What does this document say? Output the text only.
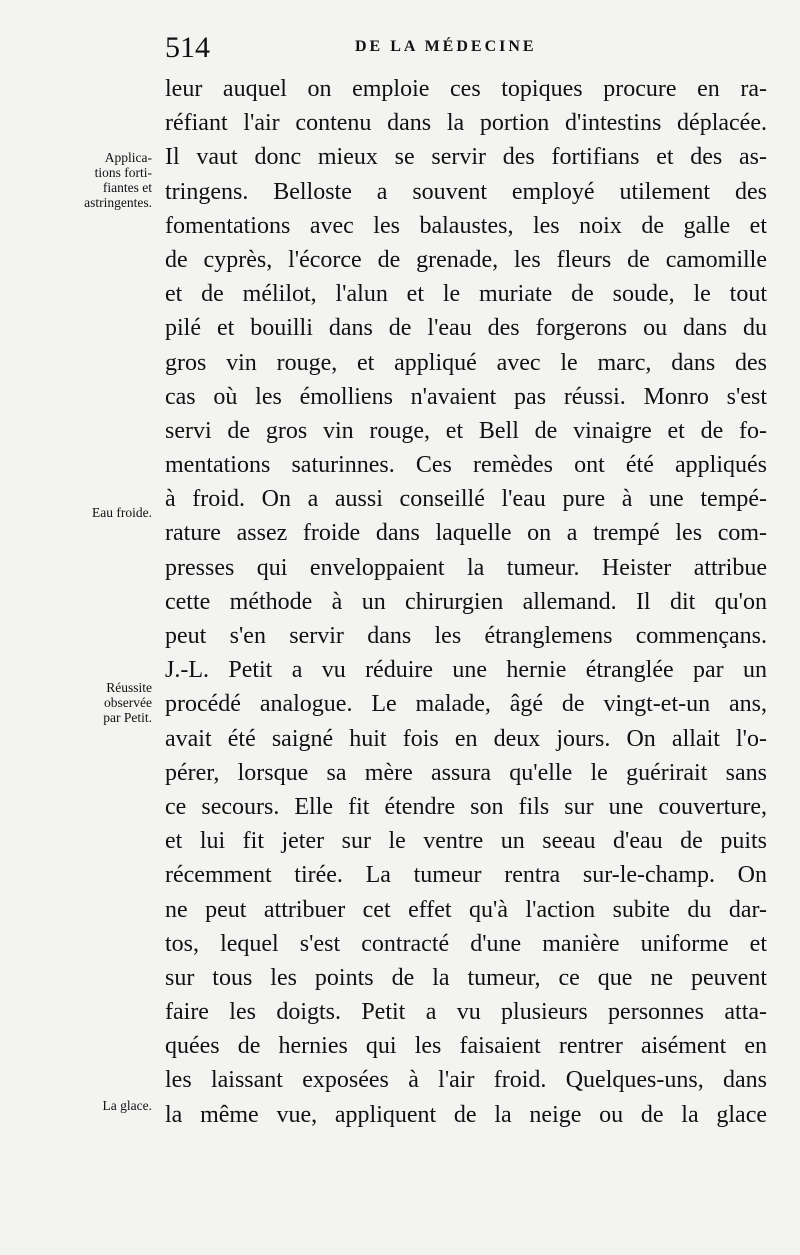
514	DE LA MÉDECINE
Applica-
tions forti-
fiantes et
astringentes.
Eau froide.
Réussite
observée
par Petit.
La glace.
leur auquel on emploie ces topiques procure en ra-
réfiant l'air contenu dans la portion d'intestins déplacée.
Il vaut donc mieux se servir des fortifians et des as-
tringens. Belloste a souvent employé utilement des
fomentations avec les balaustes, les noix de galle et
de cyprès, l'écorce de grenade, les fleurs de camomille
et de mélilot, l'alun et le muriate de soude, le tout
pilé et bouilli dans de l'eau des forgerons ou dans du
gros vin rouge, et appliqué avec le marc, dans des
cas où les émolliens n'avaient pas réussi. Monro s'est
servi de gros vin rouge, et Bell de vinaigre et de fo-
mentations saturinnes. Ces remèdes ont été appliqués
à froid. On a aussi conseillé l'eau pure à une tempé-
rature assez froide dans laquelle on a trempé les com-
presses qui enveloppaient la tumeur. Heister attribue
cette méthode à un chirurgien allemand. Il dit qu'on
peut s'en servir dans les étranglemens commençans.
J.-L. Petit a vu réduire une hernie étranglée par un
procédé analogue. Le malade, âgé de vingt-et-un ans,
avait été saigné huit fois en deux jours. On allait l'o-
pérer, lorsque sa mère assura qu'elle le guérirait sans
ce secours. Elle fit étendre son fils sur une couverture,
et lui fit jeter sur le ventre un seeau d'eau de puits
récemment tirée. La tumeur rentra sur-le-champ. On
ne peut attribuer cet effet qu'à l'action subite du dar-
tos, lequel s'est contracté d'une manière uniforme et
sur tous les points de la tumeur, ce que ne peuvent
faire les doigts. Petit a vu plusieurs personnes atta-
quées de hernies qui les faisaient rentrer aisément en
les laissant exposées à l'air froid. Quelques-uns, dans
la même vue, appliquent de la neige ou de la glace
